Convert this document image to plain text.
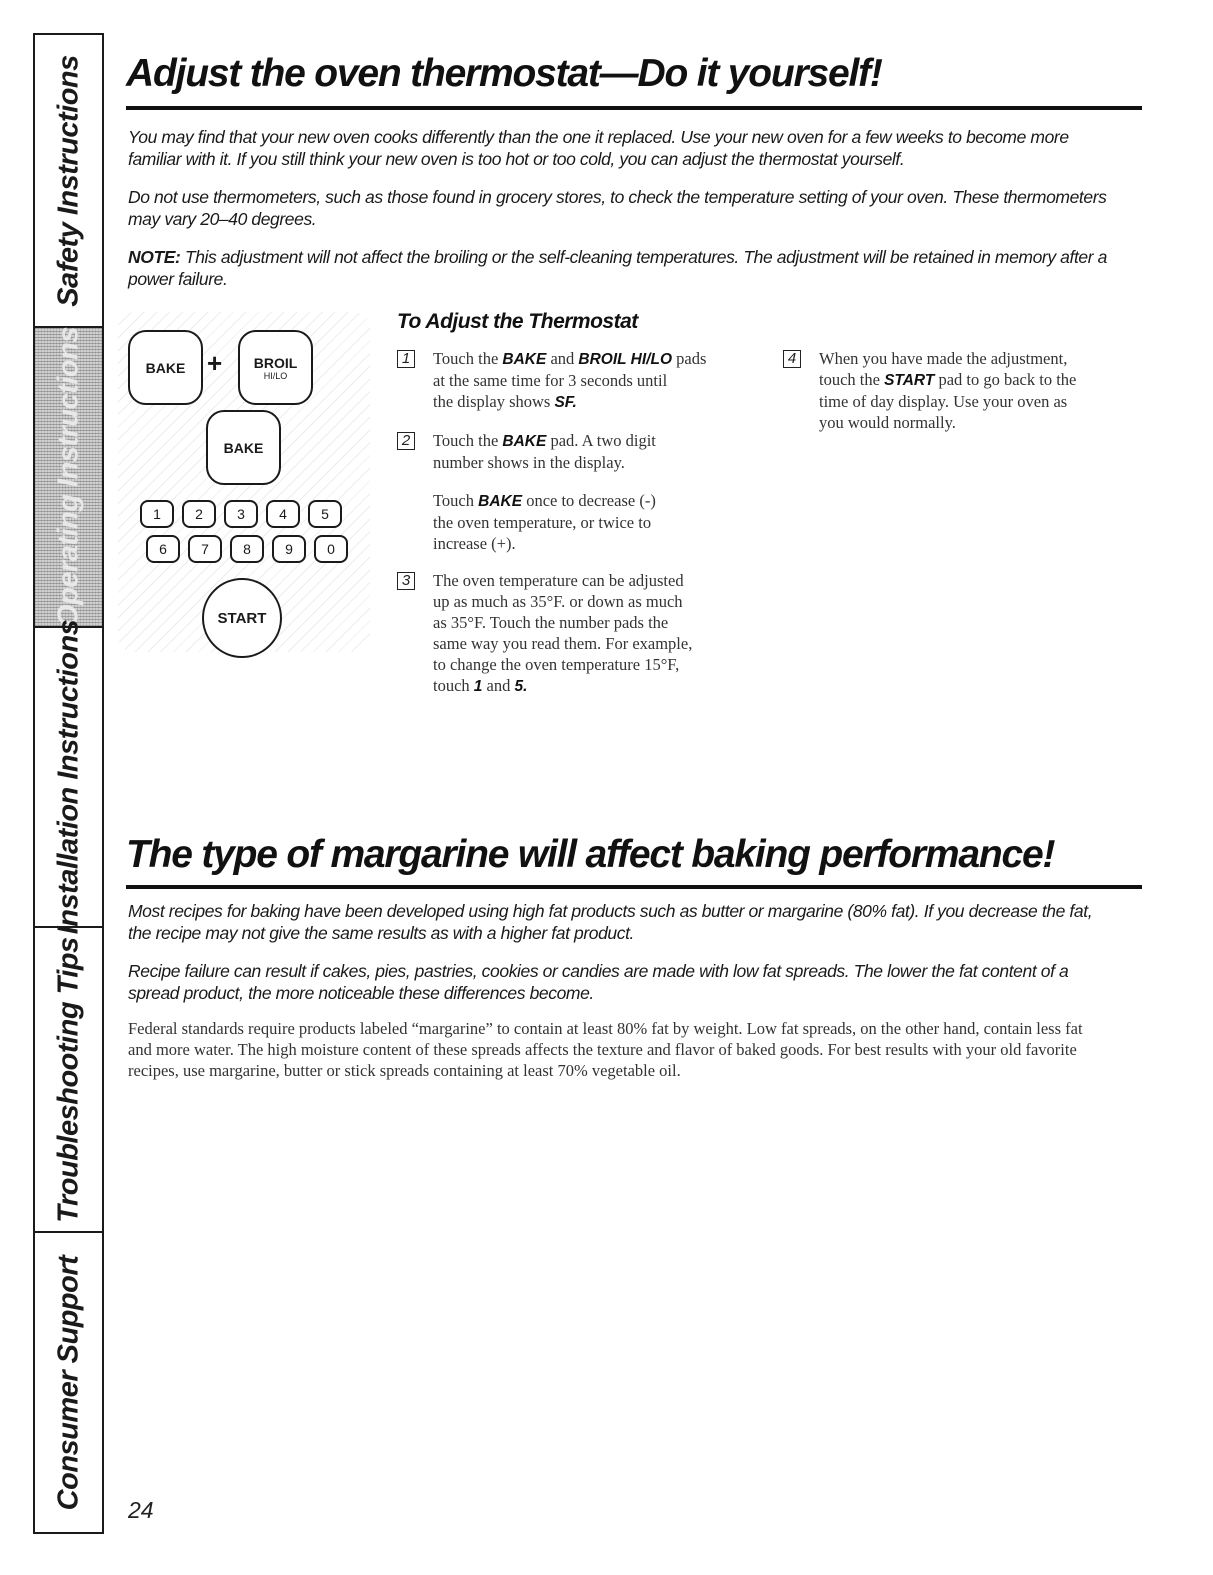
Safety Instructions
Operating Instructions
Installation Instructions
Troubleshooting Tips
Consumer Support
Adjust the oven thermostat—Do it yourself!

You may find that your new oven cooks differently than the one it replaced. Use your new oven for a few weeks to become more familiar with it. If you still think your new oven is too hot or too cold, you can adjust the thermostat yourself.

Do not use thermometers, such as those found in grocery stores, to check the temperature setting of your oven. These thermometers may vary 20–40 degrees.

NOTE: This adjustment will not affect the broiling or the self-cleaning temperatures. The adjustment will be retained in memory after a power failure.

BAKE + BROIL
HI/LO
BAKE
1 2 3 4 5
6 7 8 9 0
START
To Adjust the Thermostat
1 Touch the BAKE and BROIL HI/LO pads
at the same time for 3 seconds until
the display shows SF.
2 Touch the BAKE pad. A two digit
number shows in the display.
Touch BAKE once to decrease (-)
the oven temperature, or twice to
increase (+).
3 The oven temperature can be adjusted
up as much as 35°F. or down as much
as 35°F. Touch the number pads the
same way you read them. For example,
to change the oven temperature 15°F,
touch 1 and 5.
4 When you have made the adjustment,
touch the START pad to go back to the
time of day display. Use your oven as
you would normally.
The type of margarine will affect baking performance!

Most recipes for baking have been developed using high fat products such as butter or margarine (80% fat). If you decrease the fat, the recipe may not give the same results as with a higher fat product.

Recipe failure can result if cakes, pies, pastries, cookies or candies are made with low fat spreads. The lower the fat content of a spread product, the more noticeable these differences become.

Federal standards require products labeled “margarine” to contain at least 80% fat by weight. Low fat spreads, on the other hand, contain less fat and more water. The high moisture content of these spreads affects the texture and flavor of baked goods. For best results with your old favorite recipes, use margarine, butter or stick spreads containing at least 70% vegetable oil.

24
